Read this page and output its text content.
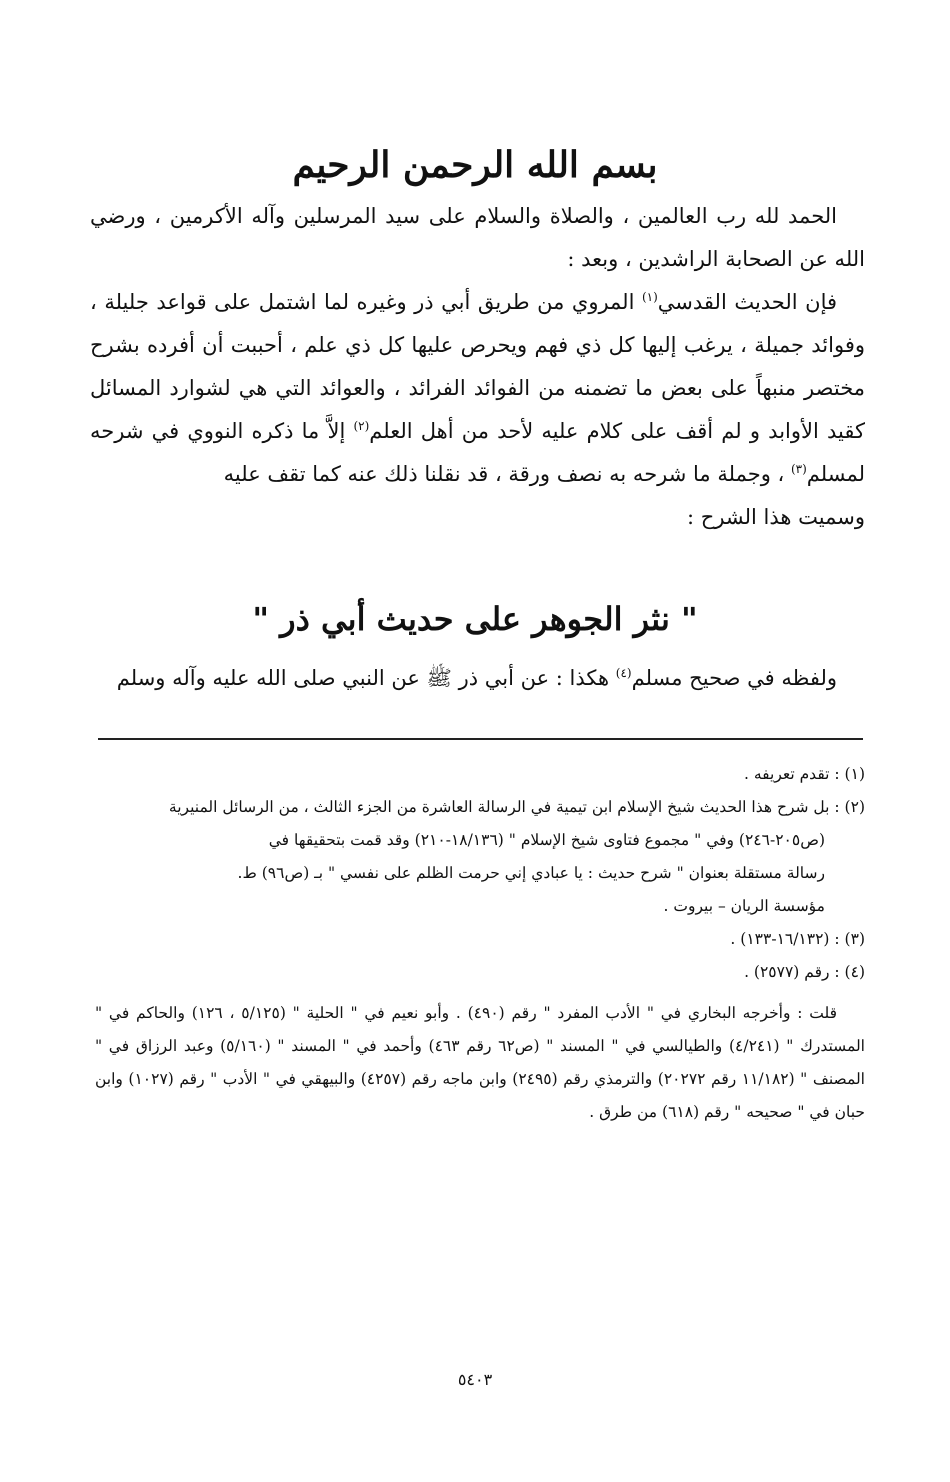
بسم الله الرحمن الرحيم

الحمد لله رب العالمين ، والصلاة والسلام على سيد المرسلين وآله الأكرمين ، ورضي الله عن الصحابة الراشدين ، وبعد :

فإن الحديث القدسي$^{(١)}$ المروي من طريق أبي ذر وغيره لما اشتمل على قواعد جليلة ، وفوائد جميلة ، يرغب إليها كل ذي فهم ويحرص عليها كل ذي علم ، أحببت أن أفرده بشرح مختصر منبهاً على بعض ما تضمنه من الفوائد الفرائد ، والعوائد التي هي لشوارد المسائل كقيد الأوابد و لم أقف على كلام عليه لأحد من أهل العلم$^{(٢)}$ إلاَّ ما ذكره النووي في شرحه لمسلم$^{(٣)}$ ، وجملة ما شرحه به نصف ورقة ، قد نقلنا ذلك عنه كما تقف عليه

وسميت هذا الشرح :

" نثر الجوهر على حديث أبي ذر "
ولفظه في صحيح مسلم$^{(٤)}$ هكذا : عن أبي ذر ﷺ عن النبي صلى الله عليه وآله وسلم
(١) : تقدم تعريفه .
(٢) : بل شرح هذا الحديث شيخ الإسلام ابن تيمية في الرسالة العاشرة من الجزء الثالث ، من الرسائل المنيرية
(ص٢٠٥-٢٤٦) وفي " مجموع فتاوى شيخ الإسلام " (١٨/١٣٦-٢١٠) وقد قمت بتحقيقها في
رسالة مستقلة بعنوان " شرح حديث : يا عبادي إني حرمت الظلم على نفسي " بـ (ص٩٦) ط.
مؤسسة الريان – بيروت .
(٣) : (١٦/١٣٢-١٣٣) .
(٤) : رقم (٢٥٧٧) .
قلت : وأخرجه البخاري في " الأدب المفرد " رقم (٤٩٠) . وأبو نعيم في " الحلية " (٥/١٢٥ ، ١٢٦) والحاكم في " المستدرك " (٤/٢٤١) والطيالسي في " المسند " (ص٦٢ رقم ٤٦٣) وأحمد في " المسند " (٥/١٦٠) وعبد الرزاق في " المصنف " (١١/١٨٢ رقم ٢٠٢٧٢) والترمذي رقم (٢٤٩٥) وابن ماجه رقم (٤٢٥٧) والبيهقي في " الأدب " رقم (١٠٢٧) وابن حبان في " صحيحه " رقم (٦١٨) من طرق .
٥٤٠٣
